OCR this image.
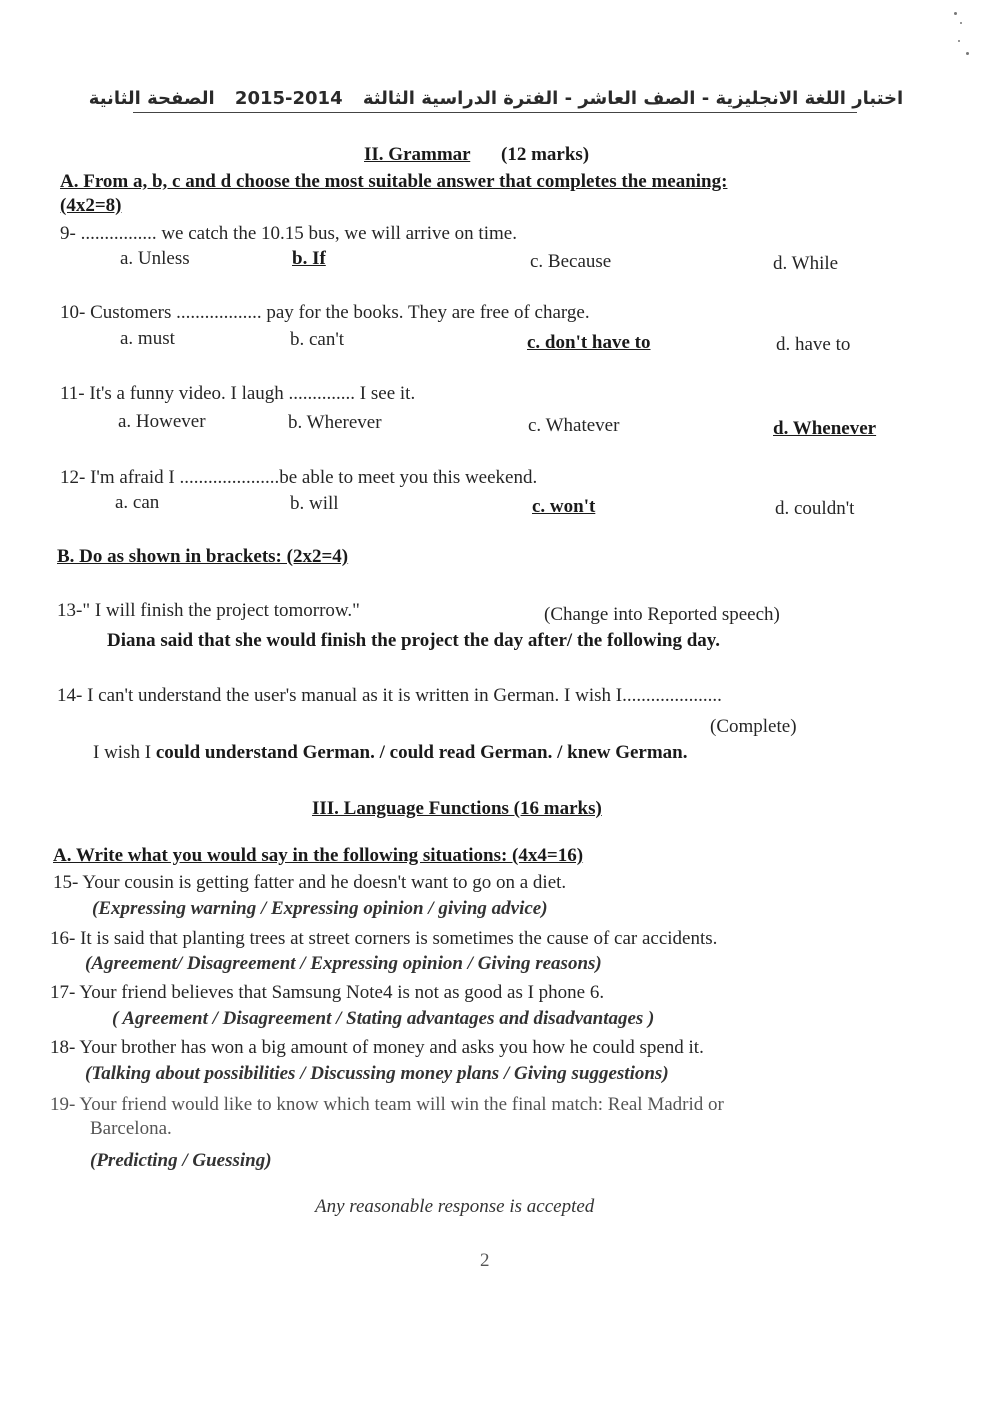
اختبار اللغة الانجليزية - الصف العاشر - الفترة الدراسية الثالثة 2015-2014 الصفحة الثانية
II. Grammar (12 marks)
A. From a, b, c and d choose the most suitable answer that completes the meaning:
(4x2=8)
9- ................ we catch the 10.15 bus, we will arrive on time.
a. Unless	b. If	c. Because	d. While
10- Customers .................. pay for the books. They are free of charge.
a. must	b. can't	c. don't have to	d. have to
11- It's a funny video. I laugh .............. I see it.
a. However	b. Wherever	c. Whatever	d. Whenever
12- I'm afraid I .....................be able to meet you this weekend.
a. can	b. will	c. won't	d. couldn't
B. Do as shown in brackets: (2x2=4)
13-" I will finish the project tomorrow."	(Change into Reported speech)
Diana said that she would finish the project the day after/ the following day.
14- I can't understand the user's manual as it is written in German. I wish I.....................
(Complete)
I wish I could understand German. / could read German. / knew German.
III. Language Functions (16 marks)
A. Write what you would say in the following situations: (4x4=16)
15- Your cousin is getting fatter and he doesn't want to go on a diet.
(Expressing warning / Expressing opinion / giving advice)
16- It is said that planting trees at street corners is sometimes the cause of car accidents.
(Agreement/ Disagreement / Expressing opinion / Giving reasons)
17- Your friend believes that Samsung Note4 is not as good as I phone 6.
( Agreement / Disagreement / Stating advantages and disadvantages )
18- Your brother has won a big amount of money and asks you how he could spend it.
(Talking about possibilities / Discussing money plans / Giving suggestions)
19- Your friend would like to know which team will win the final match: Real Madrid or
Barcelona.
(Predicting / Guessing)
Any reasonable response is accepted
2
